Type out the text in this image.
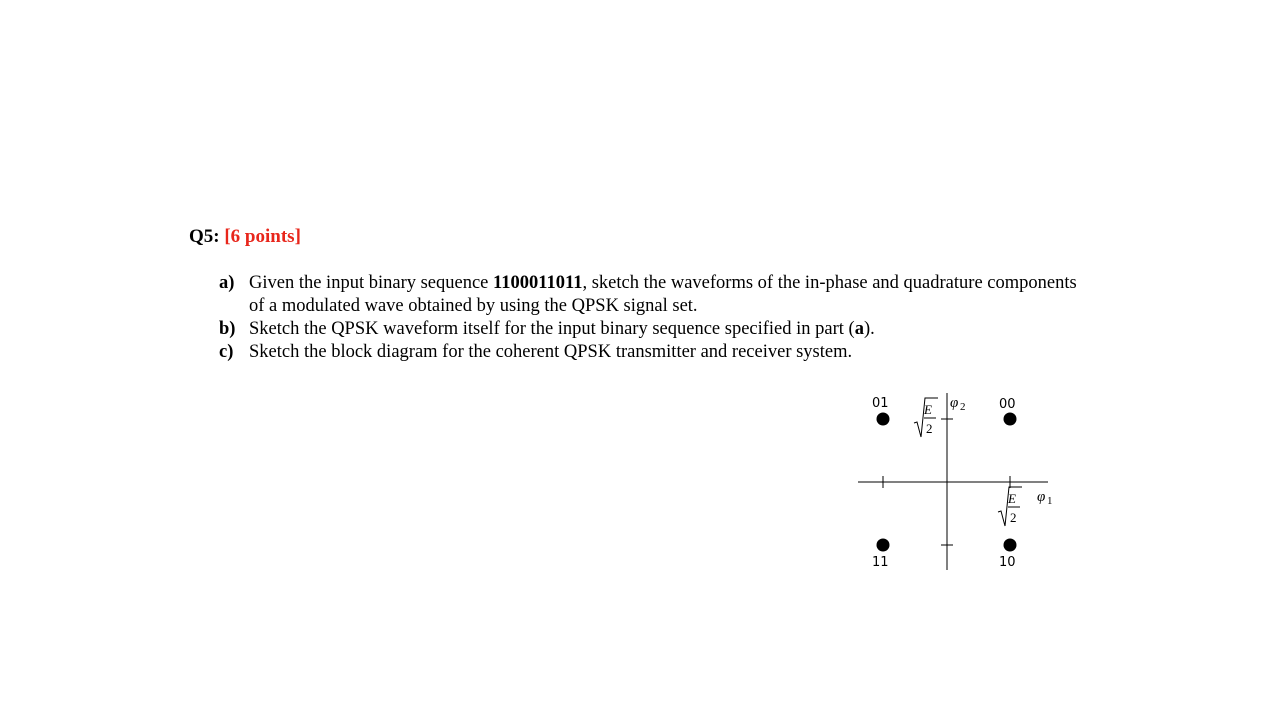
Q5: [6 points]
a) Given the input binary sequence 1100011011, sketch the waveforms of the in-phase and quadrature components of a modulated wave obtained by using the QPSK signal set.
b) Sketch the QPSK waveform itself for the input binary sequence specified in part (a).
c) Sketch the block diagram for the coherent QPSK transmitter and receiver system.
φ 2
φ 1
E
2
E
2
01	00
11	10
